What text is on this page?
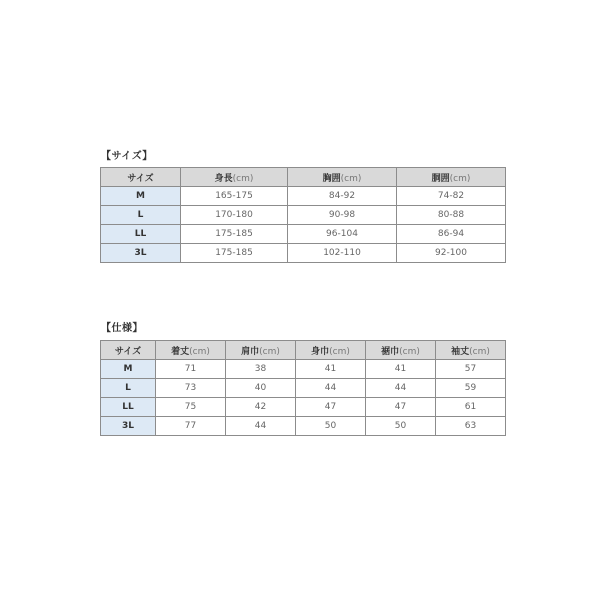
【サイズ】
サイズ	身長(cm)	胸囲(cm)	胴囲(cm)
M	165-175	84-92	74-82
L	170-180	90-98	80-88
LL	175-185	96-104	86-94
3L	175-185	102-110	92-100
【仕様】
サイズ	着丈(cm)	肩巾(cm)	身巾(cm)	裾巾(cm)	袖丈(cm)
M	71	38	41	41	57
L	73	40	44	44	59
LL	75	42	47	47	61
3L	77	44	50	50	63
